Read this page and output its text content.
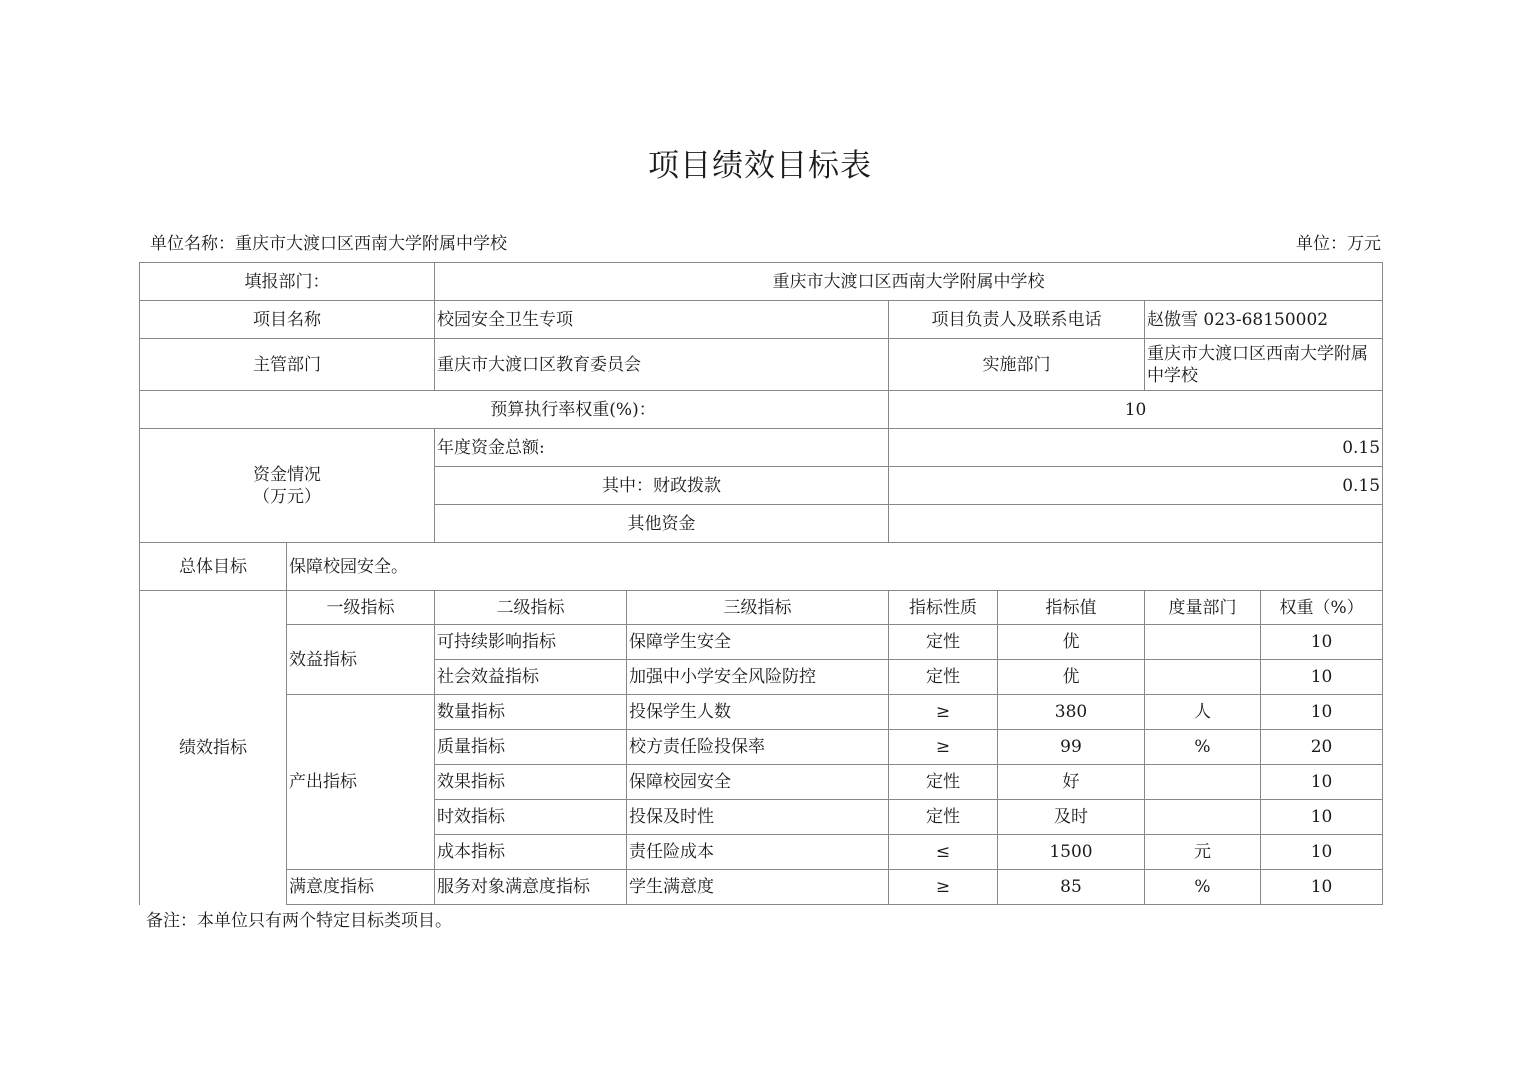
项目绩效目标表
单位名称：重庆市大渡口区西南大学附属中学校	单位：万元
填报部门：		重庆市大渡口区西南大学附属中学校					
项目名称		校园安全卫生专项		项目负责人及联系电话		赵傲雪 023-68150002	
主管部门		重庆市大渡口区教育委员会		实施部门		重庆市大渡口区西南大学附属中学校	
预算执行率权重(%)：				10			
资金情况
（万元）		年度资金总额:		0.15			
		其中：财政拨款		0.15			
		其他资金					
总体目标	保障校园安全。						
绩效指标	一级指标	二级指标	三级指标	指标性质	指标值	度量部门	权重（%）
	效益指标	可持续影响指标	保障学生安全	定性	优		10
		社会效益指标	加强中小学安全风险防控	定性	优		10
	产出指标	数量指标	投保学生人数	≥	380	人	10
		质量指标	校方责任险投保率	≥	99	%	20
		效果指标	保障校园安全	定性	好		10
		时效指标	投保及时性	定性	及时		10
		成本指标	责任险成本	≤	1500	元	10
	满意度指标	服务对象满意度指标	学生满意度	≥	85	%	10
备注：本单位只有两个特定目标类项目。
